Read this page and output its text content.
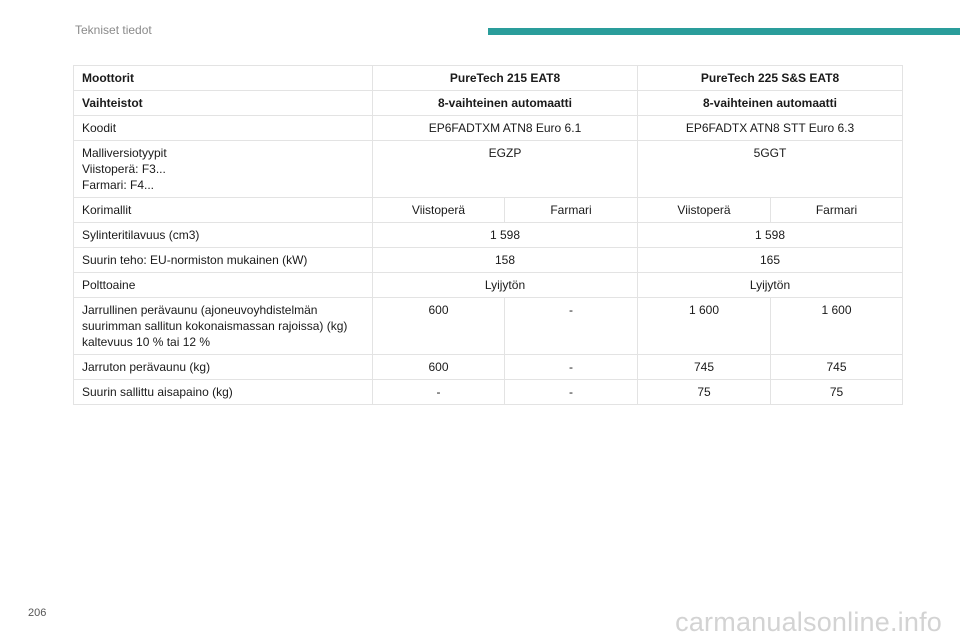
Tekniset tiedot
Moottorit	PureTech 215 EAT8		PureTech 225 S&S EAT8	
Vaihteistot	8-vaihteinen automaatti		8-vaihteinen automaatti	
Koodit	EP6FADTXM ATN8 Euro 6.1		EP6FADTX ATN8 STT Euro 6.3	

Malliversiotyypit
Viistoperä: F3...
Farmari: F4...	EGZP		5GGT	
Korimallit	Viistoperä	Farmari	Viistoperä	Farmari
Sylinteritilavuus (cm3)	1 598		1 598	
Suurin teho: EU-normiston mukainen (kW)	158		165	
Polttoaine	Lyijytön		Lyijytön	

Jarrullinen perävaunu (ajoneuvoyhdistelmän
suurimman sallitun kokonaismassan rajoissa) (kg)
kaltevuus 10 % tai 12 %	600	-	1 600	1 600
Jarruton perävaunu (kg)	600	-	745	745
Suurin sallittu aisapaino (kg)	-	-	75	75
206	carmanualsonline.info
